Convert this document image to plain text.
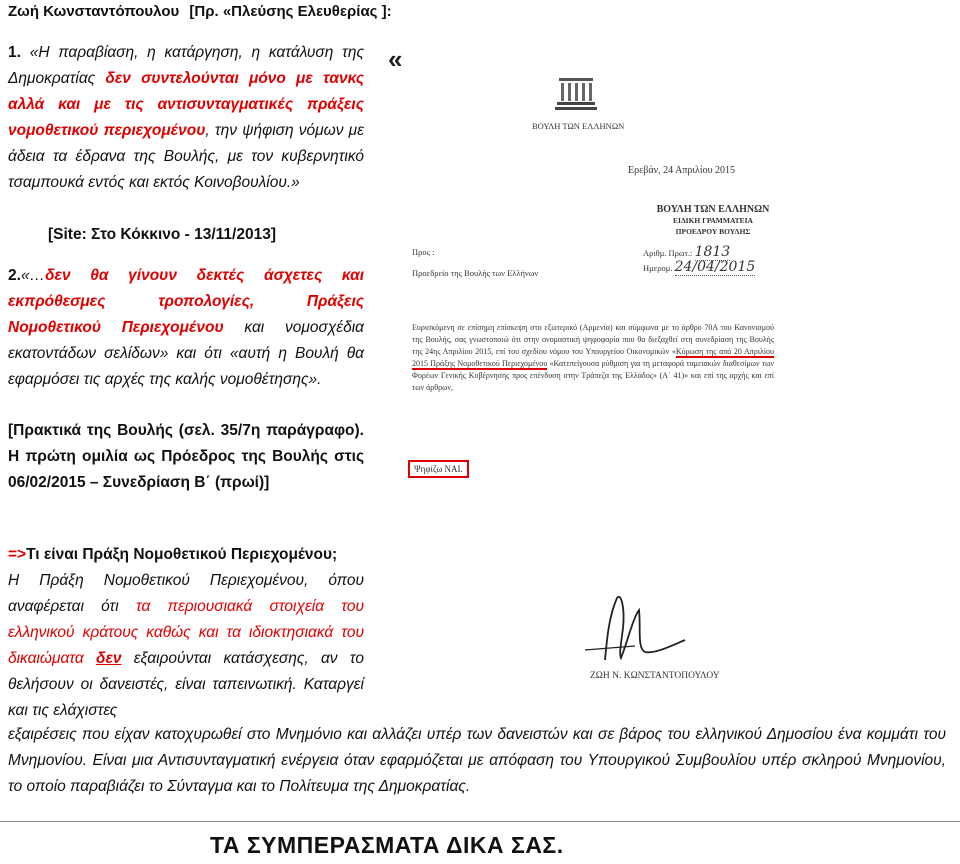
Ζωή Κωνσταντόπουλου [Πρ. «Πλεύσης Ελευθερίας ]:
1. «Η παραβίαση, η κατάργηση, η κατάλυση της Δημοκρατίας δεν συντελούνται μόνο με τανκς αλλά και με τις αντισυνταγματικές πράξεις νομοθετικού περιεχομένου, την ψήφιση νόμων με άδεια τα έδρανα της Βουλής, με τον κυβερνητικό τσαμπουκά εντός και εκτός Κοινοβουλίου.»
[Site: Στο Κόκκινο - 13/11/2013]
2.«…δεν θα γίνουν δεκτές άσχετες και εκπρόθεσμες τροπολογίες, Πράξεις Νομοθετικού Περιεχομένου και νομοσχέδια εκατοντάδων σελίδων» και ότι «αυτή η Βουλή θα εφαρμόσει τις αρχές της καλής νομοθέτησης».
[Πρακτικά της Βουλής (σελ. 35/7η παράγραφο). Η πρώτη ομιλία ως Πρόεδρος της Βουλής στις 06/02/2015 – Συνεδρίαση Β΄ (πρωί)]
=>Τι είναι Πράξη Νομοθετικού Περιεχομένου;
Η Πράξη Νομοθετικού Περιεχομένου, όπου αναφέρεται ότι τα περιουσιακά στοιχεία του ελληνικού κράτους καθώς και τα ιδιοκτησιακά του δικαιώματα δεν εξαιρούνται κατάσχεσης, αν το θελήσουν οι δανειστές, είναι ταπεινωτική. Καταργεί και τις ελάχιστες
εξαιρέσεις που είχαν κατοχυρωθεί στο Μνημόνιο και αλλάζει υπέρ των δανειστών και σε βάρος του ελληνικού Δημοσίου ένα κομμάτι του Μνημονίου. Είναι μια Αντισυνταγματική ενέργεια όταν εφαρμόζεται με απόφαση του Υπουργικού Συμβουλίου υπέρ σκληρού Μνημονίου, το οποίο παραβιάζει το Σύνταγμα και το Πολίτευμα της Δημοκρατίας.
«
ΒΟΥΛΗ ΤΩΝ ΕΛΛΗΝΩΝ
Ερεβάν, 24 Απριλίου 2015
ΒΟΥΛΗ ΤΩΝ ΕΛΛΗΝΩΝ
ΕΙΔΙΚΗ ΓΡΑΜΜΑΤΕΙΑ
ΠΡΟΕΔΡΟΥ ΒΟΥΛΗΣ
Αριθμ. Πρωτ.: 1813
Ημερομ. 24/04/2015
Προς :
Προεδρείο της Βουλής των Ελλήνων
Ευρισκόμενη σε επίσημη επίσκεψη στο εξωτερικό (Αρμενία) και σύμφωνα με το άρθρο 70Α του Κανονισμού της Βουλής, σας γνωστοποιώ ότι στην ονομαστική ψηφοφορία που θα διεξαχθεί στη συνεδρίαση της Βουλής της 24ης Απριλίου 2015, επί του σχεδίου νόμου του Υπουργείου Οικονομικών «Κύρωση της από 20 Απριλίου 2015 Πράξης Νομοθετικού Περιεχομένου «Κατεπείγουσα ρύθμιση για τη μεταφορά ταμειακών διαθεσίμων των Φορέων Γενικής Κυβέρνησης προς επένδυση στην Τράπεζα της Ελλάδος» (Α΄ 41)» και επί της αρχής και επί των άρθρων,
Ψηφίζω ΝΑΙ.
ΖΩΗ Ν. ΚΩΝΣΤΑΝΤΟΠΟΥΛΟΥ
ΤΑ ΣΥΜΠΕΡΑΣΜΑΤΑ ΔΙΚΑ ΣΑΣ.
